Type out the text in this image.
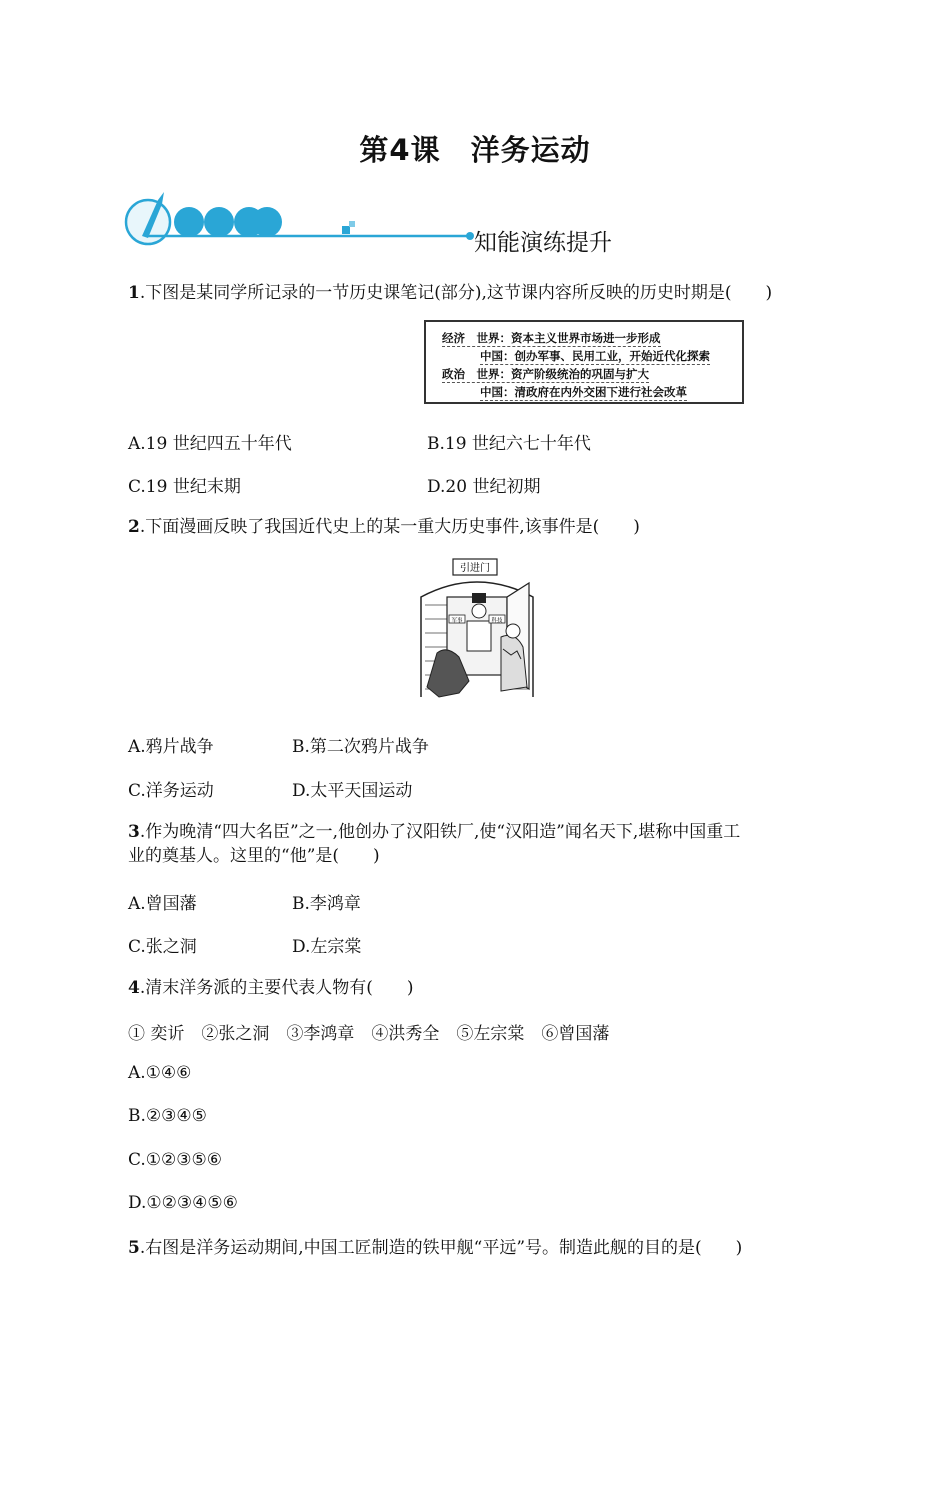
第4课　洋务运动
知能演练提升
1.下图是某同学所记录的一节历史课笔记(部分),这节课内容所反映的历史时期是(　　)
经济　 世界：资本主义世界市场进一步形成
中国：创办军事、民用工业，开始近代化探索
政治　 世界：资产阶级统治的巩固与扩大
中国：清政府在内外交困下进行社会改革
A.19 世纪四五十年代	B.19 世纪六七十年代
C.19 世纪末期	D.20 世纪初期
2.下面漫画反映了我国近代史上的某一重大历史事件,该事件是(　　)
引进门
军事	科技
A.鸦片战争	B.第二次鸦片战争
C.洋务运动	D.太平天国运动
3.作为晚清“四大名臣”之一,他创办了汉阳铁厂,使“汉阳造”闻名天下,堪称中国重工
业的奠基人。这里的“他”是(　　)
A.曾国藩	B.李鸿章
C.张之洞	D.左宗棠
4.清末洋务派的主要代表人物有(　　)
① 奕䜣　②张之洞　③李鸿章　④洪秀全　⑤左宗棠　⑥曾国藩
A.①④⑥
B.②③④⑤
C.①②③⑤⑥
D.①②③④⑤⑥
5.右图是洋务运动期间,中国工匠制造的铁甲舰“平远”号。制造此舰的目的是(　　)
